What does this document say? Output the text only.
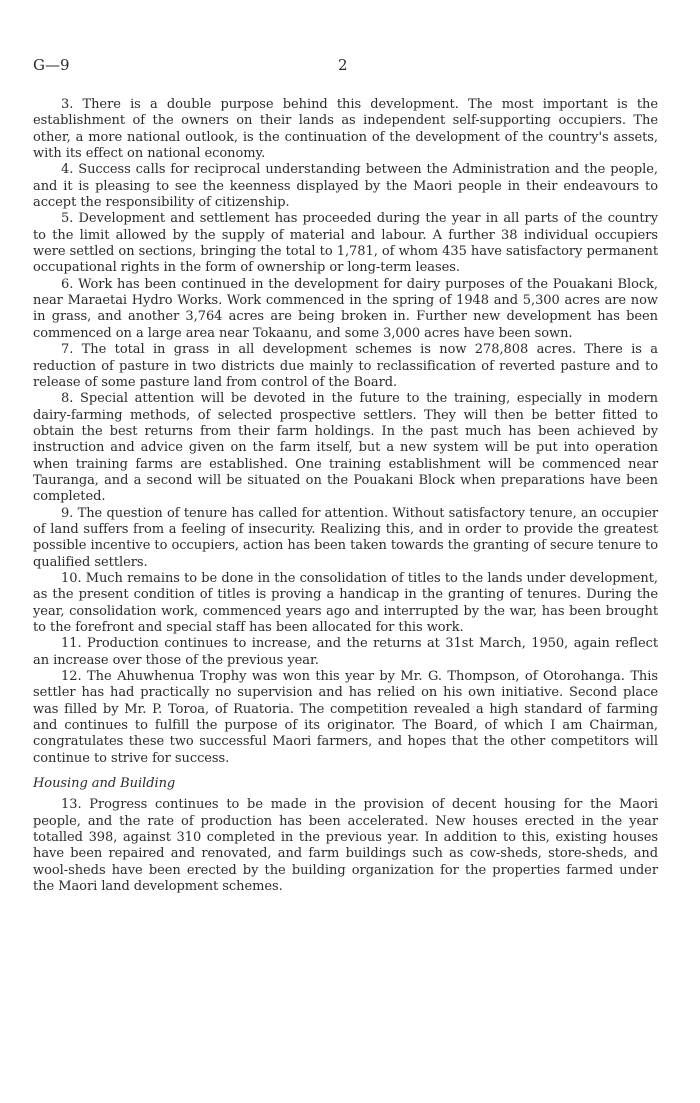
G—9	2

3. There is a double purpose behind this development. The most important is the establishment of the owners on their lands as independent self-supporting occupiers. The other, a more national outlook, is the continuation of the development of the country's assets, with its effect on national economy.

4. Success calls for reciprocal understanding between the Administration and the people, and it is pleasing to see the keenness displayed by the Maori people in their endeavours to accept the responsibility of citizenship.

5. Development and settlement has proceeded during the year in all parts of the country to the limit allowed by the supply of material and labour. A further 38 individual occupiers were settled on sections, bringing the total to 1,781, of whom 435 have satisfactory permanent occupational rights in the form of ownership or long-term leases.

6. Work has been continued in the development for dairy purposes of the Pouakani Block, near Maraetai Hydro Works. Work commenced in the spring of 1948 and 5,300 acres are now in grass, and another 3,764 acres are being broken in. Further new development has been commenced on a large area near Tokaanu, and some 3,000 acres have been sown.

7. The total in grass in all development schemes is now 278,808 acres. There is a reduction of pasture in two districts due mainly to reclassification of reverted pasture and to release of some pasture land from control of the Board.

8. Special attention will be devoted in the future to the training, especially in modern dairy-farming methods, of selected prospective settlers. They will then be better fitted to obtain the best returns from their farm holdings. In the past much has been achieved by instruction and advice given on the farm itself, but a new system will be put into operation when training farms are established. One training establishment will be commenced near Tauranga, and a second will be situated on the Pouakani Block when preparations have been completed.

9. The question of tenure has called for attention. Without satisfactory tenure, an occupier of land suffers from a feeling of insecurity. Realizing this, and in order to provide the greatest possible incentive to occupiers, action has been taken towards the granting of secure tenure to qualified settlers.

10. Much remains to be done in the consolidation of titles to the lands under development, as the present condition of titles is proving a handicap in the granting of tenures. During the year, consolidation work, commenced years ago and interrupted by the war, has been brought to the forefront and special staff has been allocated for this work.

11. Production continues to increase, and the returns at 31st March, 1950, again reflect an increase over those of the previous year.

12. The Ahuwhenua Trophy was won this year by Mr. G. Thompson, of Otorohanga. This settler has had practically no supervision and has relied on his own initiative. Second place was filled by Mr. P. Toroa, of Ruatoria. The competition revealed a high standard of farming and continues to fulfill the purpose of its originator. The Board, of which I am Chairman, congratulates these two successful Maori farmers, and hopes that the other competitors will continue to strive for success.

Housing and Building

13. Progress continues to be made in the provision of decent housing for the Maori people, and the rate of production has been accelerated. New houses erected in the year totalled 398, against 310 completed in the previous year. In addition to this, existing houses have been repaired and renovated, and farm buildings such as cow-sheds, store-sheds, and wool-sheds have been erected by the building organization for the properties farmed under the Maori land development schemes.
